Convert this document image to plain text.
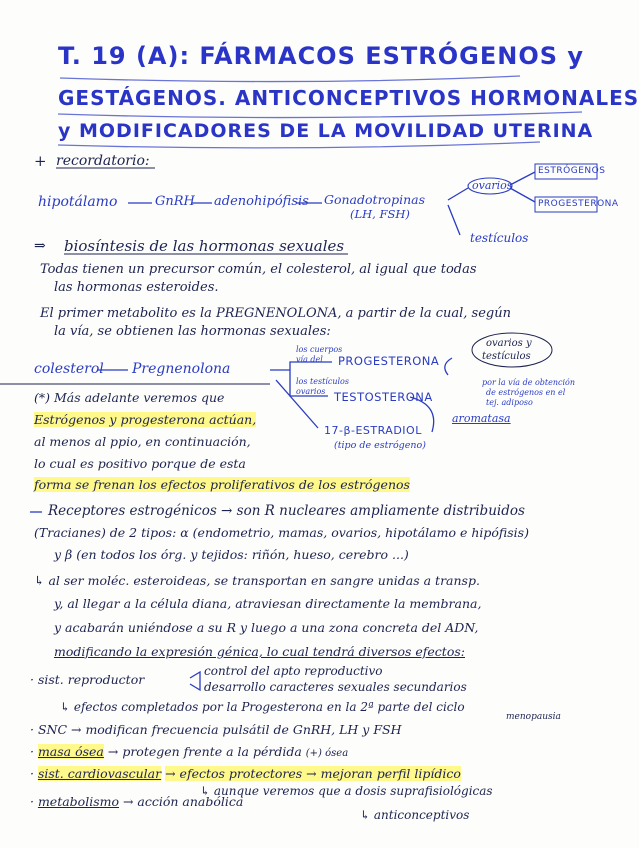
T. 19 (A): FÁRMACOS ESTRÓGENOS y
GESTÁGENOS. ANTICONCEPTIVOS HORMONALES
y MODIFICADORES DE LA MOVILIDAD UTERINA
+ recordatorio:
hipotálamo	GnRH adenohipófisis Gonadotropinas
(LH, FSH)
ovarios
ESTRÓGENOS
PROGESTERONA
testículos
⇒ biosíntesis de las hormonas sexuales
Todas tienen un precursor común, el colesterol, al igual que todas
las hormonas esteroides.
El primer metabolito es la PREGNENOLONA, a partir de la cual, según
la vía, se obtienen las hormonas sexuales:
ovarios y
testículos
colesterol Pregnenolona
los cuerpos
vía del PROGESTERONA
los testículos
ovarios TESTOSTERONA
17-β-ESTRADIOL
(tipo de estrógeno)
aromatasa
por la vía de obtención
de estrógenos en el
tej. adiposo
(*) Más adelante veremos que
Estrógenos y progesterona actúan,
al menos al ppio, en continuación,
lo cual es positivo porque de esta
forma se frenan los efectos proliferativos de los estrógenos
Receptores estrogénicos → son R nucleares ampliamente distribuidos
(Tracianes) de 2 tipos: α (endometrio, mamas, ovarios, hipotálamo e hipófisis)
y β (en todos los órg. y tejidos: riñón, hueso, cerebro ...)
↳ al ser moléc. esteroideas, se transportan en sangre unidas a transp.
y, al llegar a la célula diana, atraviesan directamente la membrana,
y acabarán uniéndose a su R y luego a una zona concreta del ADN,
modificando la expresión génica, lo cual tendrá diversos efectos:
· sist. reproductor
control del apto reproductivo
desarrollo caracteres sexuales secundarios
↳ efectos completados por la Progesterona en la 2ª parte del ciclo
· SNC → modifican frecuencia pulsátil de GnRH, LH y FSH
menopausia
· masa ósea → protegen frente a la pérdida (+) ósea
· sist. cardiovascular → efectos protectores → mejoran perfil lipídico
↳ aunque veremos que a dosis suprafisiológicas
· metabolismo → acción anabólica
↳ anticonceptivos
